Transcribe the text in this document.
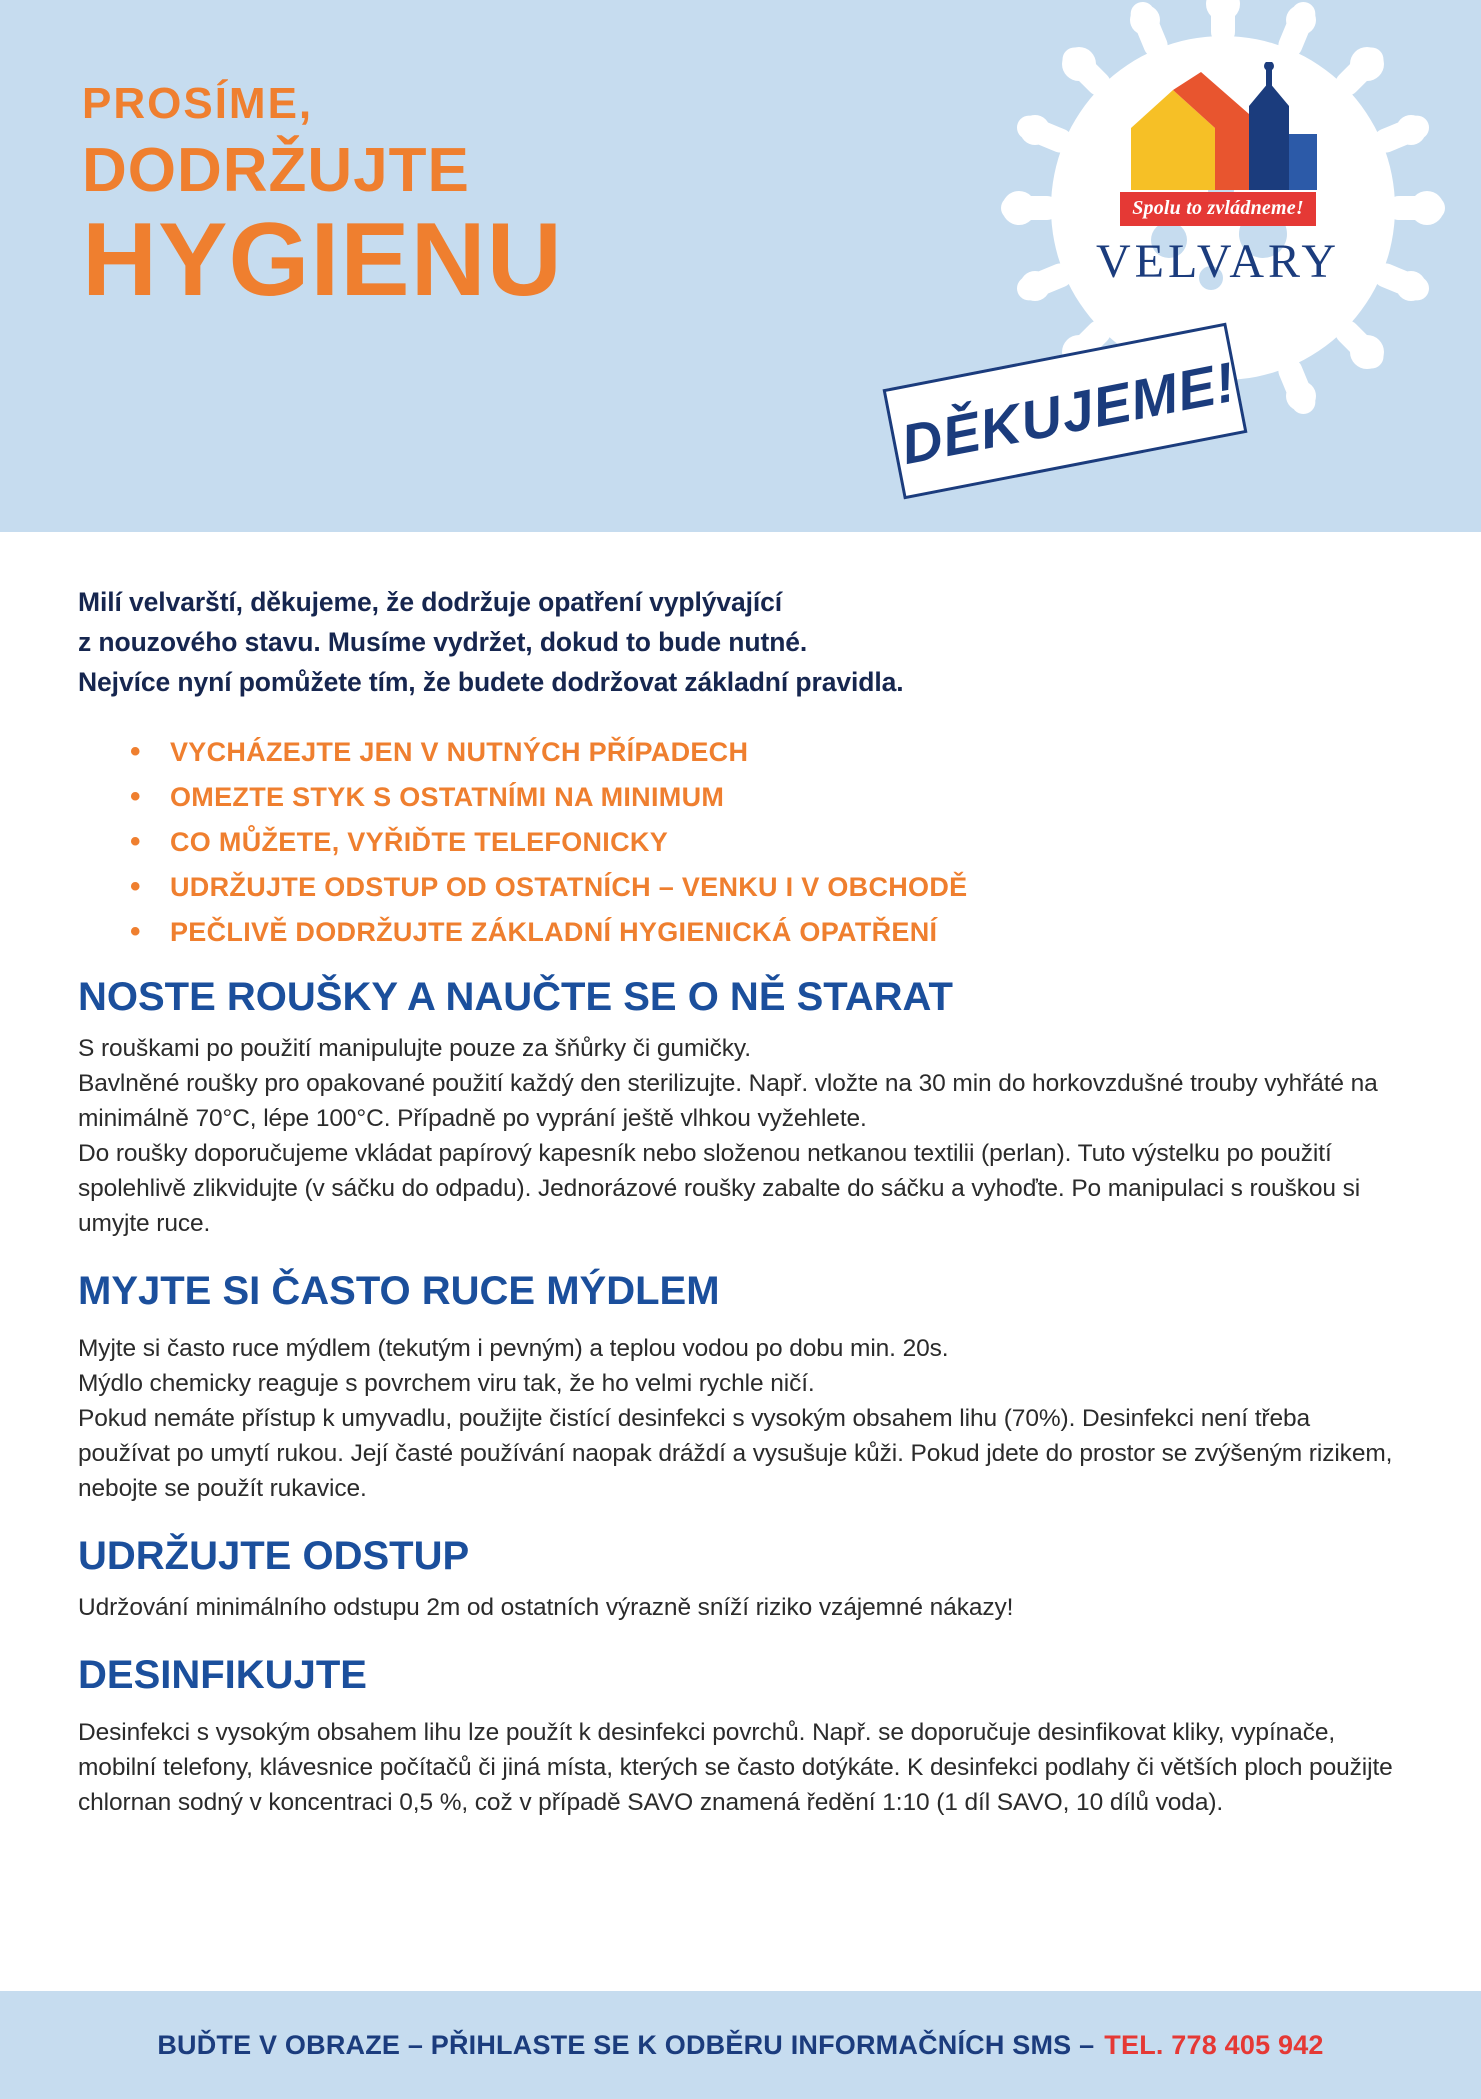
PROSÍME,
DODRŽUJTE
HYGIENU	Spolu to zvládneme!
VELVARY
DĚKUJEME!
Milí velvarští, děkujeme, že dodržuje opatření vyplývající
z nouzového stavu. Musíme vydržet, dokud to bude nutné.
Nejvíce nyní pomůžete tím, že budete dodržovat základní pravidla.
• VYCHÁZEJTE JEN V NUTNÝCH PŘÍPADECH
• OMEZTE STYK S OSTATNÍMI NA MINIMUM
• CO MŮŽETE, VYŘIĎTE TELEFONICKY
• UDRŽUJTE ODSTUP OD OSTATNÍCH – VENKU I V OBCHODĚ
• PEČLIVĚ DODRŽUJTE ZÁKLADNÍ HYGIENICKÁ OPATŘENÍ
NOSTE ROUŠKY A NAUČTE SE O NĚ STARAT

S rouškami po použití manipulujte pouze za šňůrky či gumičky.

Bavlněné roušky pro opakované použití každý den sterilizujte. Např. vložte na 30 min do horkovzdušné trouby vyhřáté na minimálně 70°C, lépe 100°C. Případně po vyprání ještě vlhkou vyžehlete.

Do roušky doporučujeme vkládat papírový kapesník nebo složenou netkanou textilii (perlan). Tuto výstelku po použití spolehlivě zlikvidujte (v sáčku do odpadu). Jednorázové roušky zabalte do sáčku a vyhoďte. Po manipulaci s rouškou si umyjte ruce.

MYJTE SI ČASTO RUCE MÝDLEM

Myjte si často ruce mýdlem (tekutým i pevným) a teplou vodou po dobu min. 20s.

Mýdlo chemicky reaguje s povrchem viru tak, že ho velmi rychle ničí.

Pokud nemáte přístup k umyvadlu, použijte čistící desinfekci s vysokým obsahem lihu (70%). Desinfekci není třeba používat po umytí rukou. Její časté používání naopak dráždí a vysušuje kůži. Pokud jdete do prostor se zvýšeným rizikem, nebojte se použít rukavice.

UDRŽUJTE ODSTUP

Udržování minimálního odstupu 2m od ostatních výrazně sníží riziko vzájemné nákazy!

DESINFIKUJTE

Desinfekci s vysokým obsahem lihu lze použít k desinfekci povrchů. Např. se doporučuje desinfikovat kliky, vypínače, mobilní telefony, klávesnice počítačů či jiná místa, kterých se často dotýkáte. K desinfekci podlahy či větších ploch použijte chlornan sodný v koncentraci 0,5 %, což v případě SAVO znamená ředění 1:10 (1 díl SAVO, 10 dílů voda).

BUĎTE V OBRAZE – PŘIHLASTE SE K ODBĚRU INFORMAČNÍCH SMS – TEL. 778 405 942
